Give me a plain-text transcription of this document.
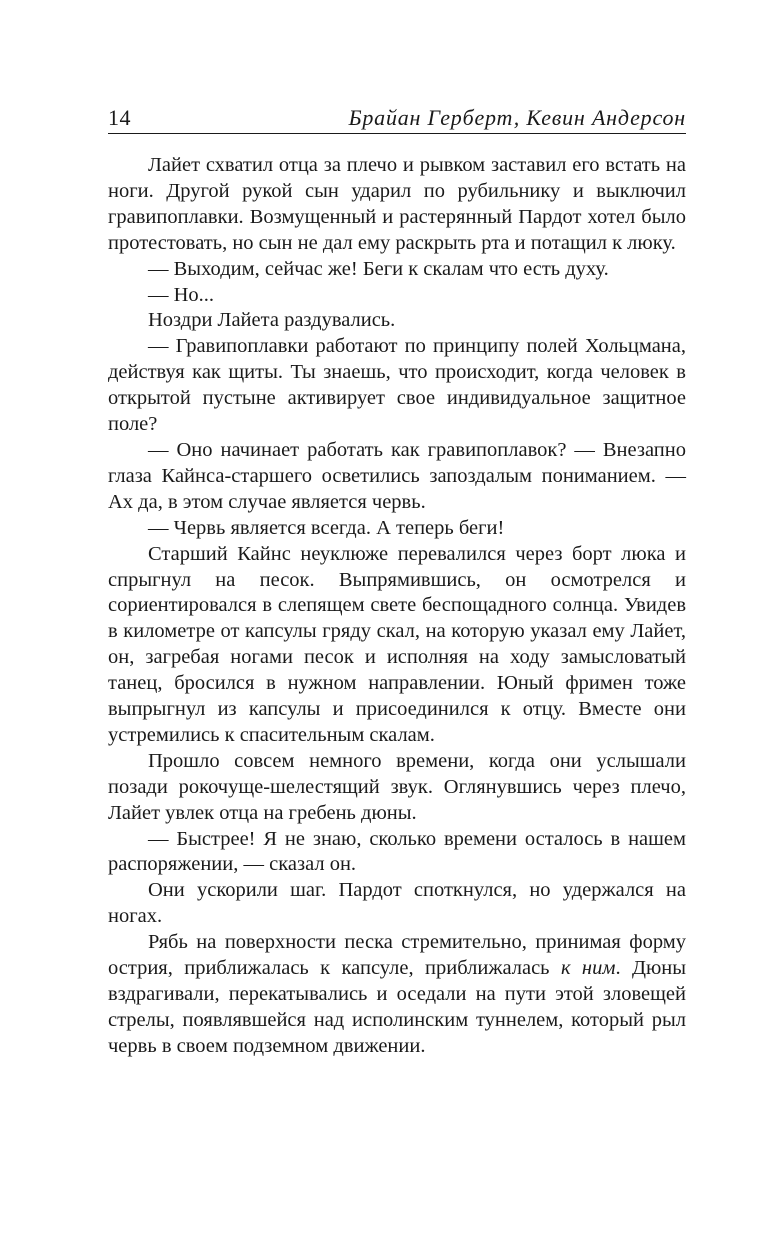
14	Брайан Герберт, Кевин Андерсон

Лайет схватил отца за плечо и рывком заставил его встать на ноги. Другой рукой сын ударил по рубильнику и выключил гравипоплавки. Возмущенный и растерянный Пардот хотел было протестовать, но сын не дал ему раскрыть рта и потащил к люку.

— Выходим, сейчас же! Беги к скалам что есть духу.

— Но...

Ноздри Лайета раздувались.

— Гравипоплавки работают по принципу полей Хольцмана, действуя как щиты. Ты знаешь, что происходит, когда человек в открытой пустыне активирует свое индивидуальное защитное поле?

— Оно начинает работать как гравипоплавок? — Внезапно глаза Кайнса-старшего осветились запоздалым пониманием. — Ах да, в этом случае является червь.

— Червь является всегда. А теперь беги!

Старший Кайнс неуклюже перевалился через борт люка и спрыгнул на песок. Выпрямившись, он осмотрелся и сориентировался в слепящем свете беспощадного солнца. Увидев в километре от капсулы гряду скал, на которую указал ему Лайет, он, загребая ногами песок и исполняя на ходу замысловатый танец, бросился в нужном направлении. Юный фримен тоже выпрыгнул из капсулы и присоединился к отцу. Вместе они устремились к спасительным скалам.

Прошло совсем немного времени, когда они услышали позади рокочуще-шелестящий звук. Оглянувшись через плечо, Лайет увлек отца на гребень дюны.

— Быстрее! Я не знаю, сколько времени осталось в нашем распоряжении, — сказал он.

Они ускорили шаг. Пардот споткнулся, но удержался на ногах.

Рябь на поверхности песка стремительно, принимая форму острия, приближалась к капсуле, приближалась к ним. Дюны вздрагивали, перекатывались и оседали на пути этой зловещей стрелы, появлявшейся над исполинским туннелем, который рыл червь в своем подземном движении.
